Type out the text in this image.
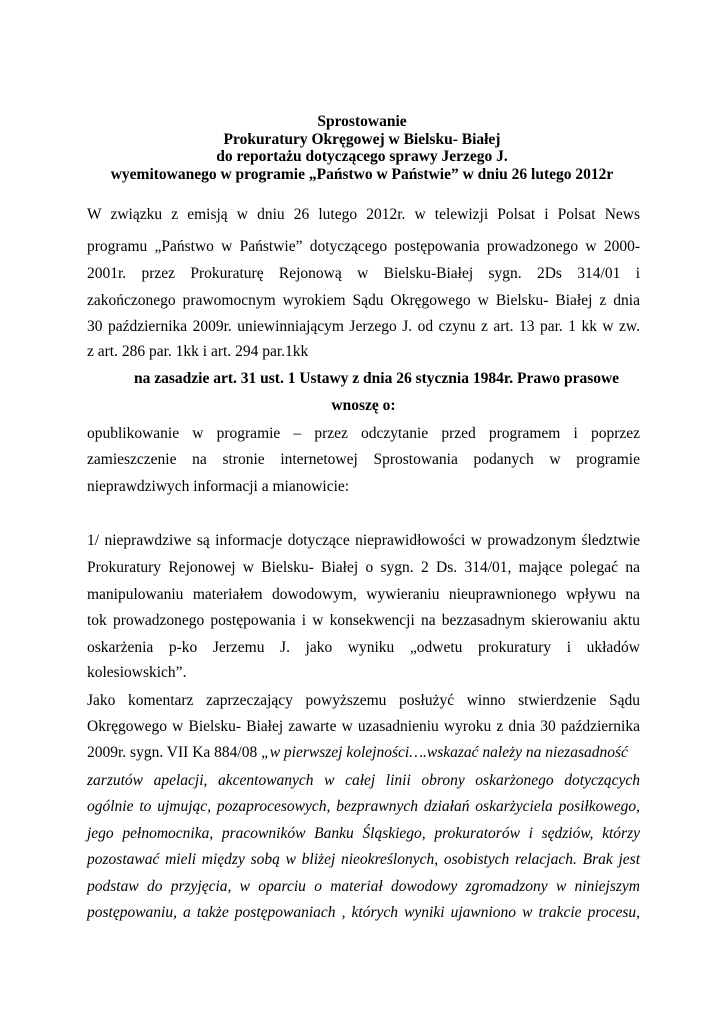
Sprostowanie
Prokuratury Okręgowej w Bielsku- Białej
do reportażu dotyczącego sprawy Jerzego J.
wyemitowanego w programie „Państwo w Państwie” w dniu 26 lutego 2012r
W związku z emisją w dniu 26 lutego 2012r. w telewizji Polsat i Polsat News
programu „Państwo w Państwie” dotyczącego postępowania prowadzonego w 2000-
2001r. przez Prokuraturę Rejonową w Bielsku-Białej sygn. 2Ds 314/01 i
zakończonego prawomocnym wyrokiem Sądu Okręgowego w Bielsku- Białej z dnia
30 października 2009r. uniewinniającym Jerzego J. od czynu z art. 13 par. 1 kk w zw.
z art. 286 par. 1kk i art. 294 par.1kk
na zasadzie art. 31 ust. 1 Ustawy z dnia 26 stycznia 1984r. Prawo prasowe
wnoszę o:
opublikowanie w programie – przez odczytanie przed programem i poprzez
zamieszczenie na stronie internetowej Sprostowania podanych w programie
nieprawdziwych informacji a mianowicie:
1/ nieprawdziwe są informacje dotyczące nieprawidłowości w prowadzonym śledztwie
Prokuratury Rejonowej w Bielsku- Białej o sygn. 2 Ds. 314/01, mające polegać na
manipulowaniu materiałem dowodowym, wywieraniu nieuprawnionego wpływu na
tok prowadzonego postępowania i w konsekwencji na bezzasadnym skierowaniu aktu
oskarżenia p-ko Jerzemu J. jako wyniku „odwetu prokuratury i układów
kolesiowskich”.
Jako komentarz zaprzeczający powyższemu posłużyć winno stwierdzenie Sądu
Okręgowego w Bielsku- Białej zawarte w uzasadnieniu wyroku z dnia 30 października
2009r. sygn. VII Ka 884/08 „w pierwszej kolejności….wskazać należy na niezasadność
zarzutów apelacji, akcentowanych w całej linii obrony oskarżonego dotyczących
ogólnie to ujmując, pozaprocesowych, bezprawnych działań oskarżyciela posiłkowego,
jego pełnomocnika, pracowników Banku Śląskiego, prokuratorów i sędziów, którzy
pozostawać mieli między sobą w bliżej nieokreślonych, osobistych relacjach. Brak jest
podstaw do przyjęcia, w oparciu o materiał dowodowy zgromadzony w niniejszym
postępowaniu, a także postępowaniach , których wyniki ujawniono w trakcie procesu,
